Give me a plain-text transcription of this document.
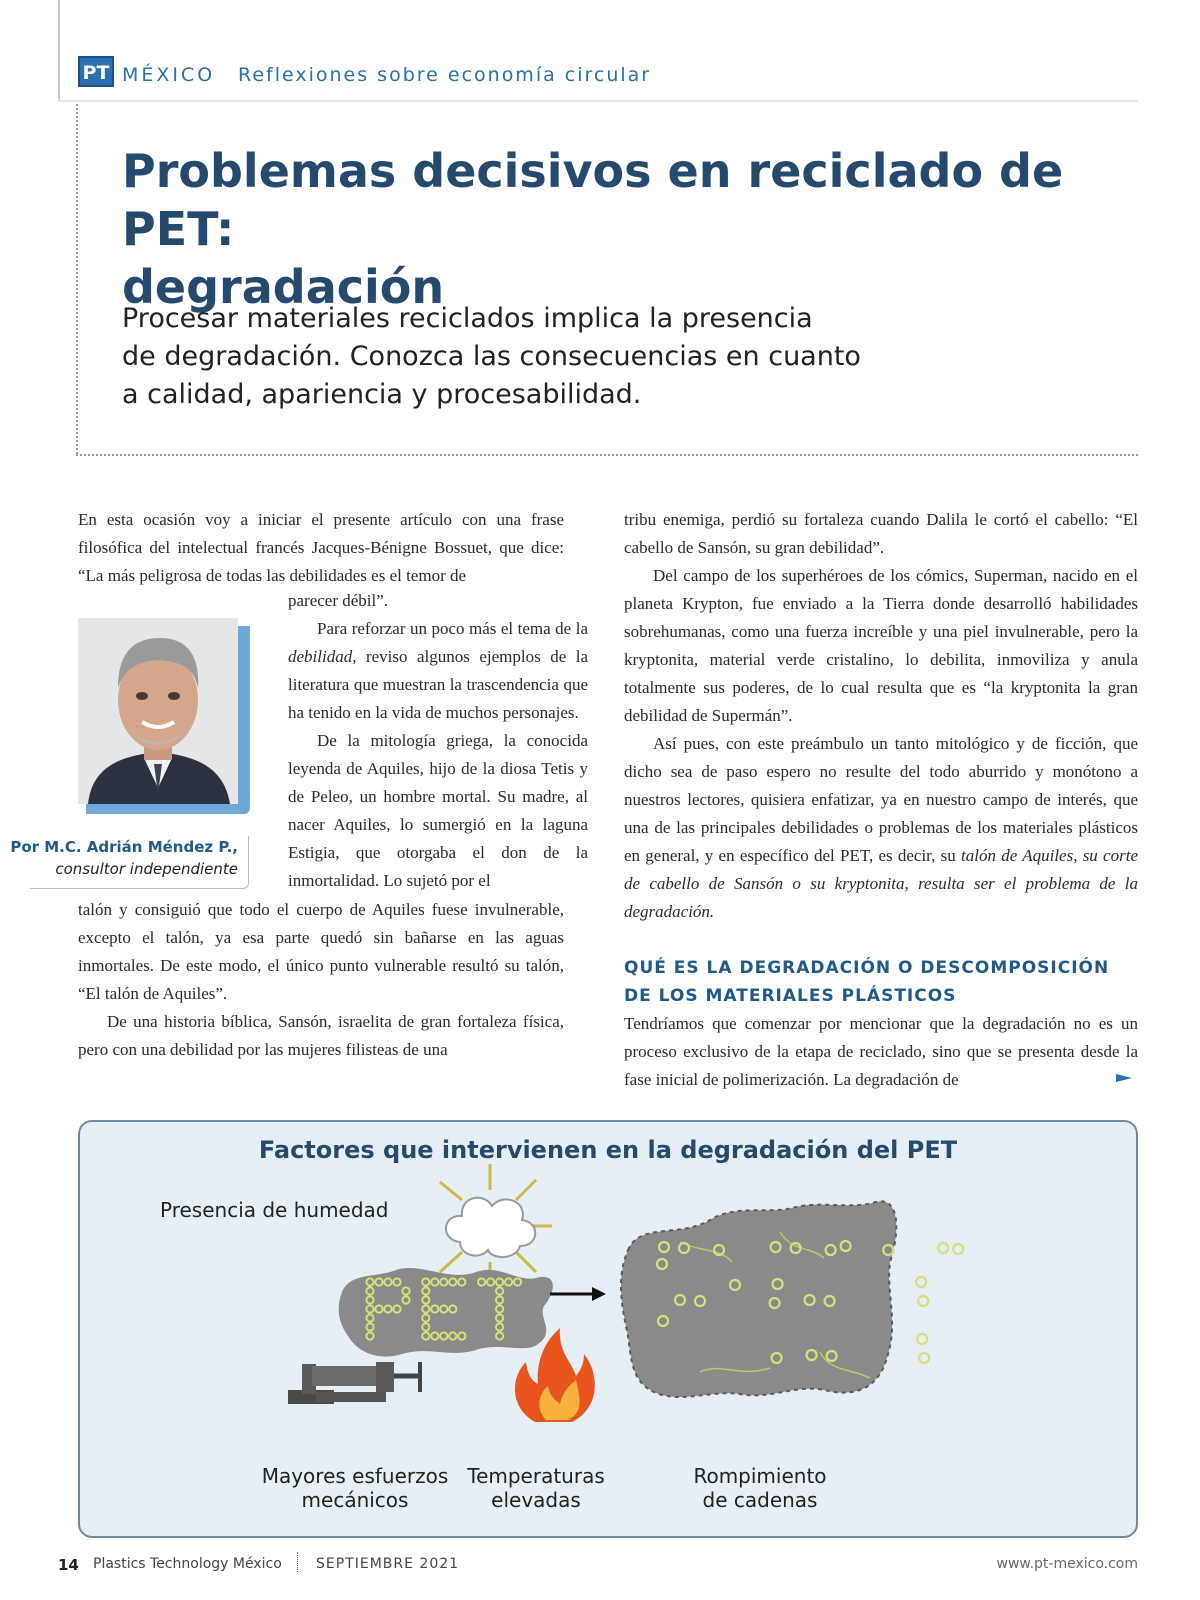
PT MÉXICO Reflexiones sobre economía circular
Problemas decisivos en reciclado de PET:
degradación

Procesar materiales reciclados implica la presencia
de degradación. Conozca las consecuencias en cuanto
a calidad, apariencia y procesabilidad.

En esta ocasión voy a iniciar el presente artículo con una frase filosófica del intelectual francés Jacques-Bénigne Bossuet, que dice: “La más peligrosa de todas las debilidades es el temor de

Por M.C. Adrián Méndez P.,
consultor independiente

parecer débil”.

Para reforzar un poco más el tema de la debilidad, reviso algunos ejemplos de la literatura que muestran la trascendencia que ha tenido en la vida de muchos personajes.

De la mitología griega, la conocida leyenda de Aquiles, hijo de la diosa Tetis y de Peleo, un hombre mortal. Su madre, al nacer Aquiles, lo sumergió en la laguna Estigia, que otorgaba el don de la inmortalidad. Lo sujetó por el

talón y consiguió que todo el cuerpo de Aquiles fuese invulnerable, excepto el talón, ya esa parte quedó sin bañarse en las aguas inmortales. De este modo, el único punto vulnerable resultó su talón, “El talón de Aquiles”.

De una historia bíblica, Sansón, israelita de gran fortaleza física, pero con una debilidad por las mujeres filisteas de una

tribu enemiga, perdió su fortaleza cuando Dalila le cortó el cabello: “El cabello de Sansón, su gran debilidad”.

Del campo de los superhéroes de los cómics, Superman, nacido en el planeta Krypton, fue enviado a la Tierra donde desarrolló habilidades sobrehumanas, como una fuerza increíble y una piel invulnerable, pero la kryptonita, material verde cristalino, lo debilita, inmoviliza y anula totalmente sus poderes, de lo cual resulta que es “la kryptonita la gran debilidad de Supermán”.

Así pues, con este preámbulo un tanto mitológico y de ficción, que dicho sea de paso espero no resulte del todo aburrido y monótono a nuestros lectores, quisiera enfatizar, ya en nuestro campo de interés, que una de las principales debilidades o problemas de los materiales plásticos en general, y en específico del PET, es decir, su talón de Aquiles, su corte de cabello de Sansón o su kryptonita, resulta ser el problema de la degradación.

QUÉ ES LA DEGRADACIÓN O DESCOMPOSICIÓN
DE LOS MATERIALES PLÁSTICOS

Tendríamos que comenzar por mencionar que la degradación no es un proceso exclusivo de la etapa de reciclado, sino que se presenta desde la fase inicial de polimerización. La degradación de

Factores que intervienen en la degradación del PET
Presencia de humedad
Mayores esfuerzos
mecánicos
Temperaturas
elevadas
Rompimiento
de cadenas
14 Plastics Technology México SEPTIEMBRE 2021	www.pt-mexico.com
